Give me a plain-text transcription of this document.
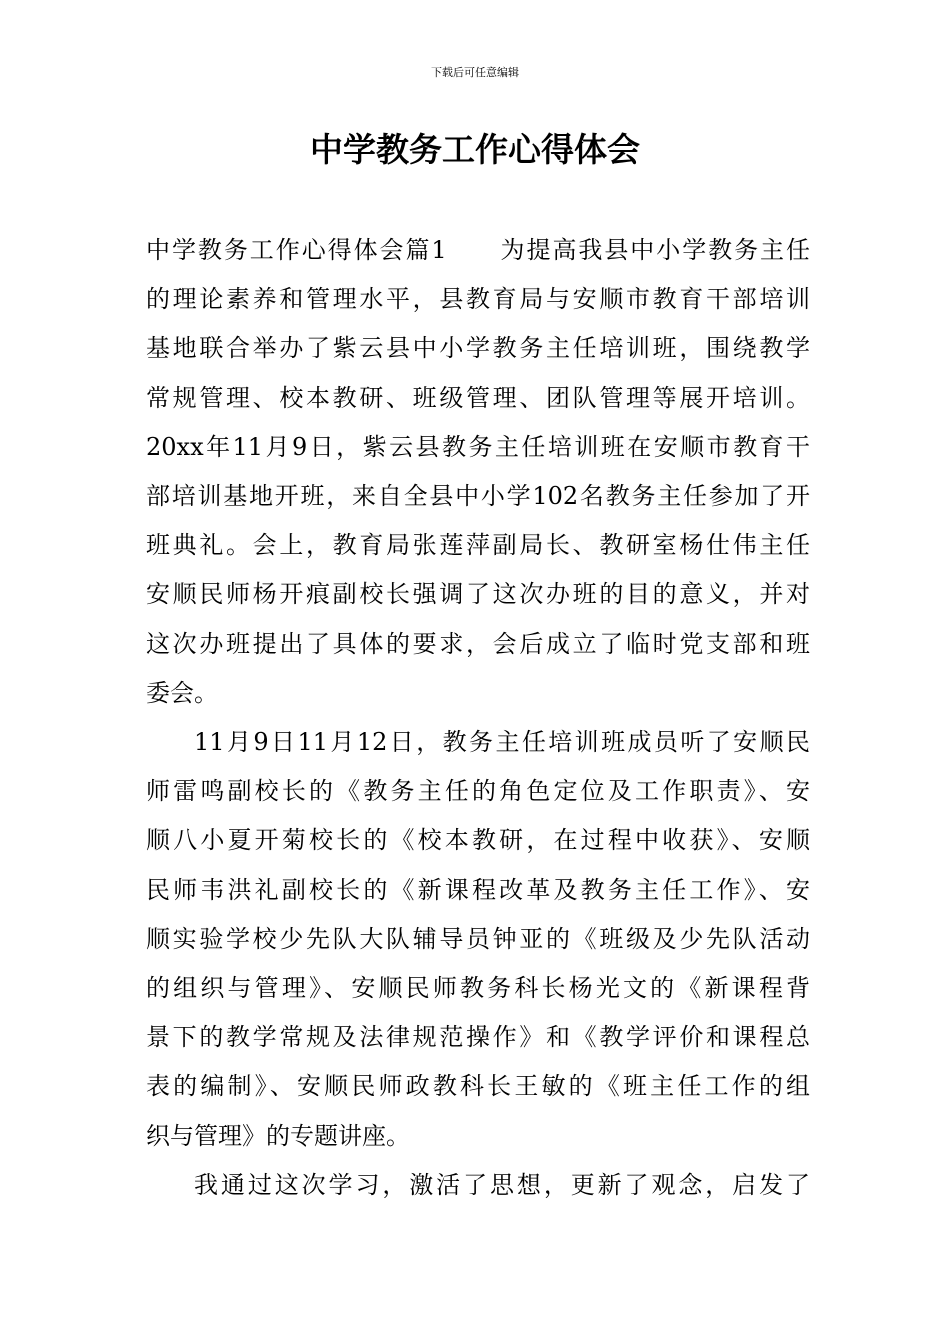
下载后可任意编辑
中学教务工作心得体会

中学教务工作心得体会篇1　　为提高我县中小学教务主任
的理论素养和管理水平，县教育局与安顺市教育干部培训
基地联合举办了紫云县中小学教务主任培训班，围绕教学
常规管理、校本教研、班级管理、团队管理等展开培训。
20xx年11月9日，紫云县教务主任培训班在安顺市教育干
部培训基地开班，来自全县中小学102名教务主任参加了开
班典礼。会上，教育局张莲萍副局长、教研室杨仕伟主任
安顺民师杨开痕副校长强调了这次办班的目的意义，并对
这次办班提出了具体的要求，会后成立了临时党支部和班
委会。

11月9日11月12日，教务主任培训班成员听了安顺民
师雷鸣副校长的《教务主任的角色定位及工作职责》、安
顺八小夏开菊校长的《校本教研，在过程中收获》、安顺
民师韦洪礼副校长的《新课程改革及教务主任工作》、安
顺实验学校少先队大队辅导员钟亚的《班级及少先队活动
的组织与管理》、安顺民师教务科长杨光文的《新课程背
景下的教学常规及法律规范操作》和《教学评价和课程总
表的编制》、安顺民师政教科长王敏的《班主任工作的组
织与管理》的专题讲座。

我通过这次学习，激活了思想，更新了观念，启发了
